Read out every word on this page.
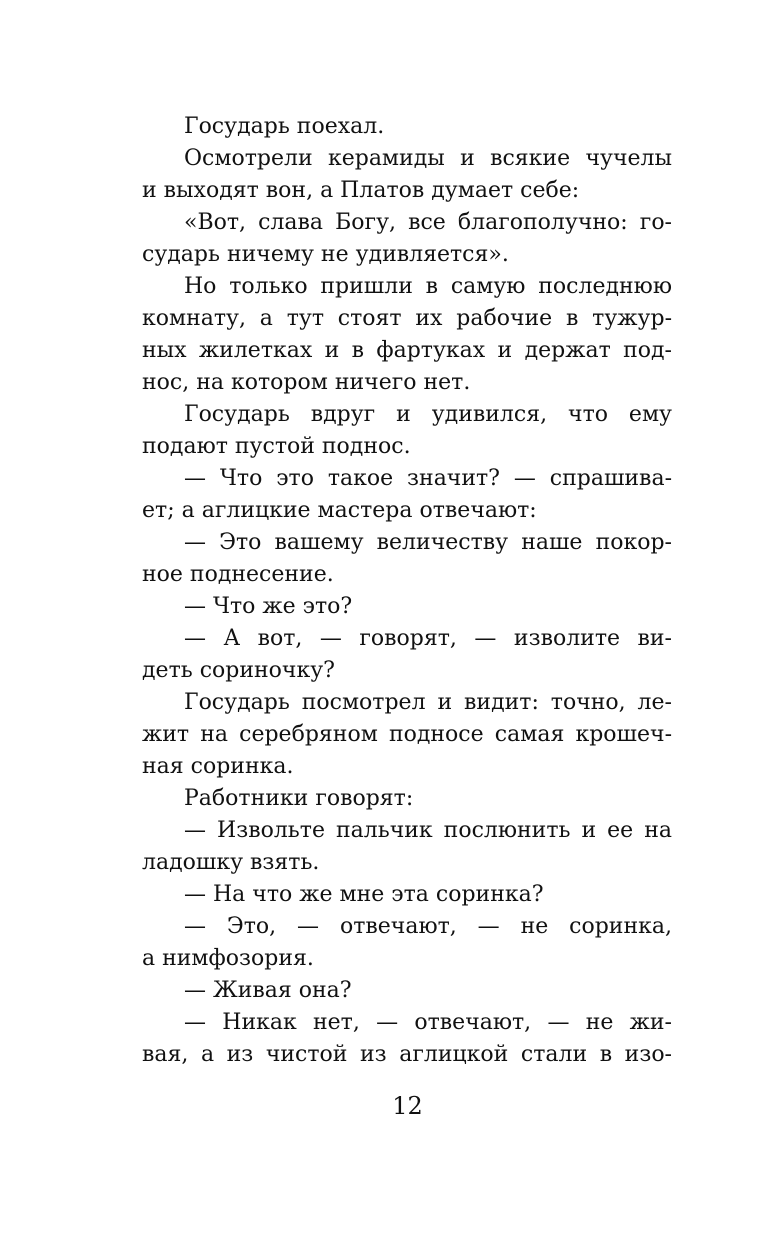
Государь поехал.
Осмотрели керамиды и всякие чучелы
и выходят вон, а Платов думает себе:
«Вот, слава Богу, все благополучно: го-
сударь ничему не удивляется».
Но только пришли в самую последнюю
комнату, а тут стоят их рабочие в тужур-
ных жилетках и в фартуках и держат под-
нос, на котором ничего нет.
Государь вдруг и удивился, что ему
подают пустой поднос.
— Что это такое значит? — спрашива-
ет; а аглицкие мастера отвечают:
— Это вашему величеству наше покор-
ное поднесение.
— Что же это?
— А вот, — говорят, — изволите ви-
деть сориночку?
Государь посмотрел и видит: точно, ле-
жит на серебряном подносе самая крошеч-
ная соринка.
Работники говорят:
— Извольте пальчик послюнить и ее на
ладошку взять.
— На что же мне эта соринка?
— Это, — отвечают, — не соринка,
а нимфозория.
— Живая она?
— Никак нет, — отвечают, — не жи-
вая, а из чистой из аглицкой стали в изо-
12
